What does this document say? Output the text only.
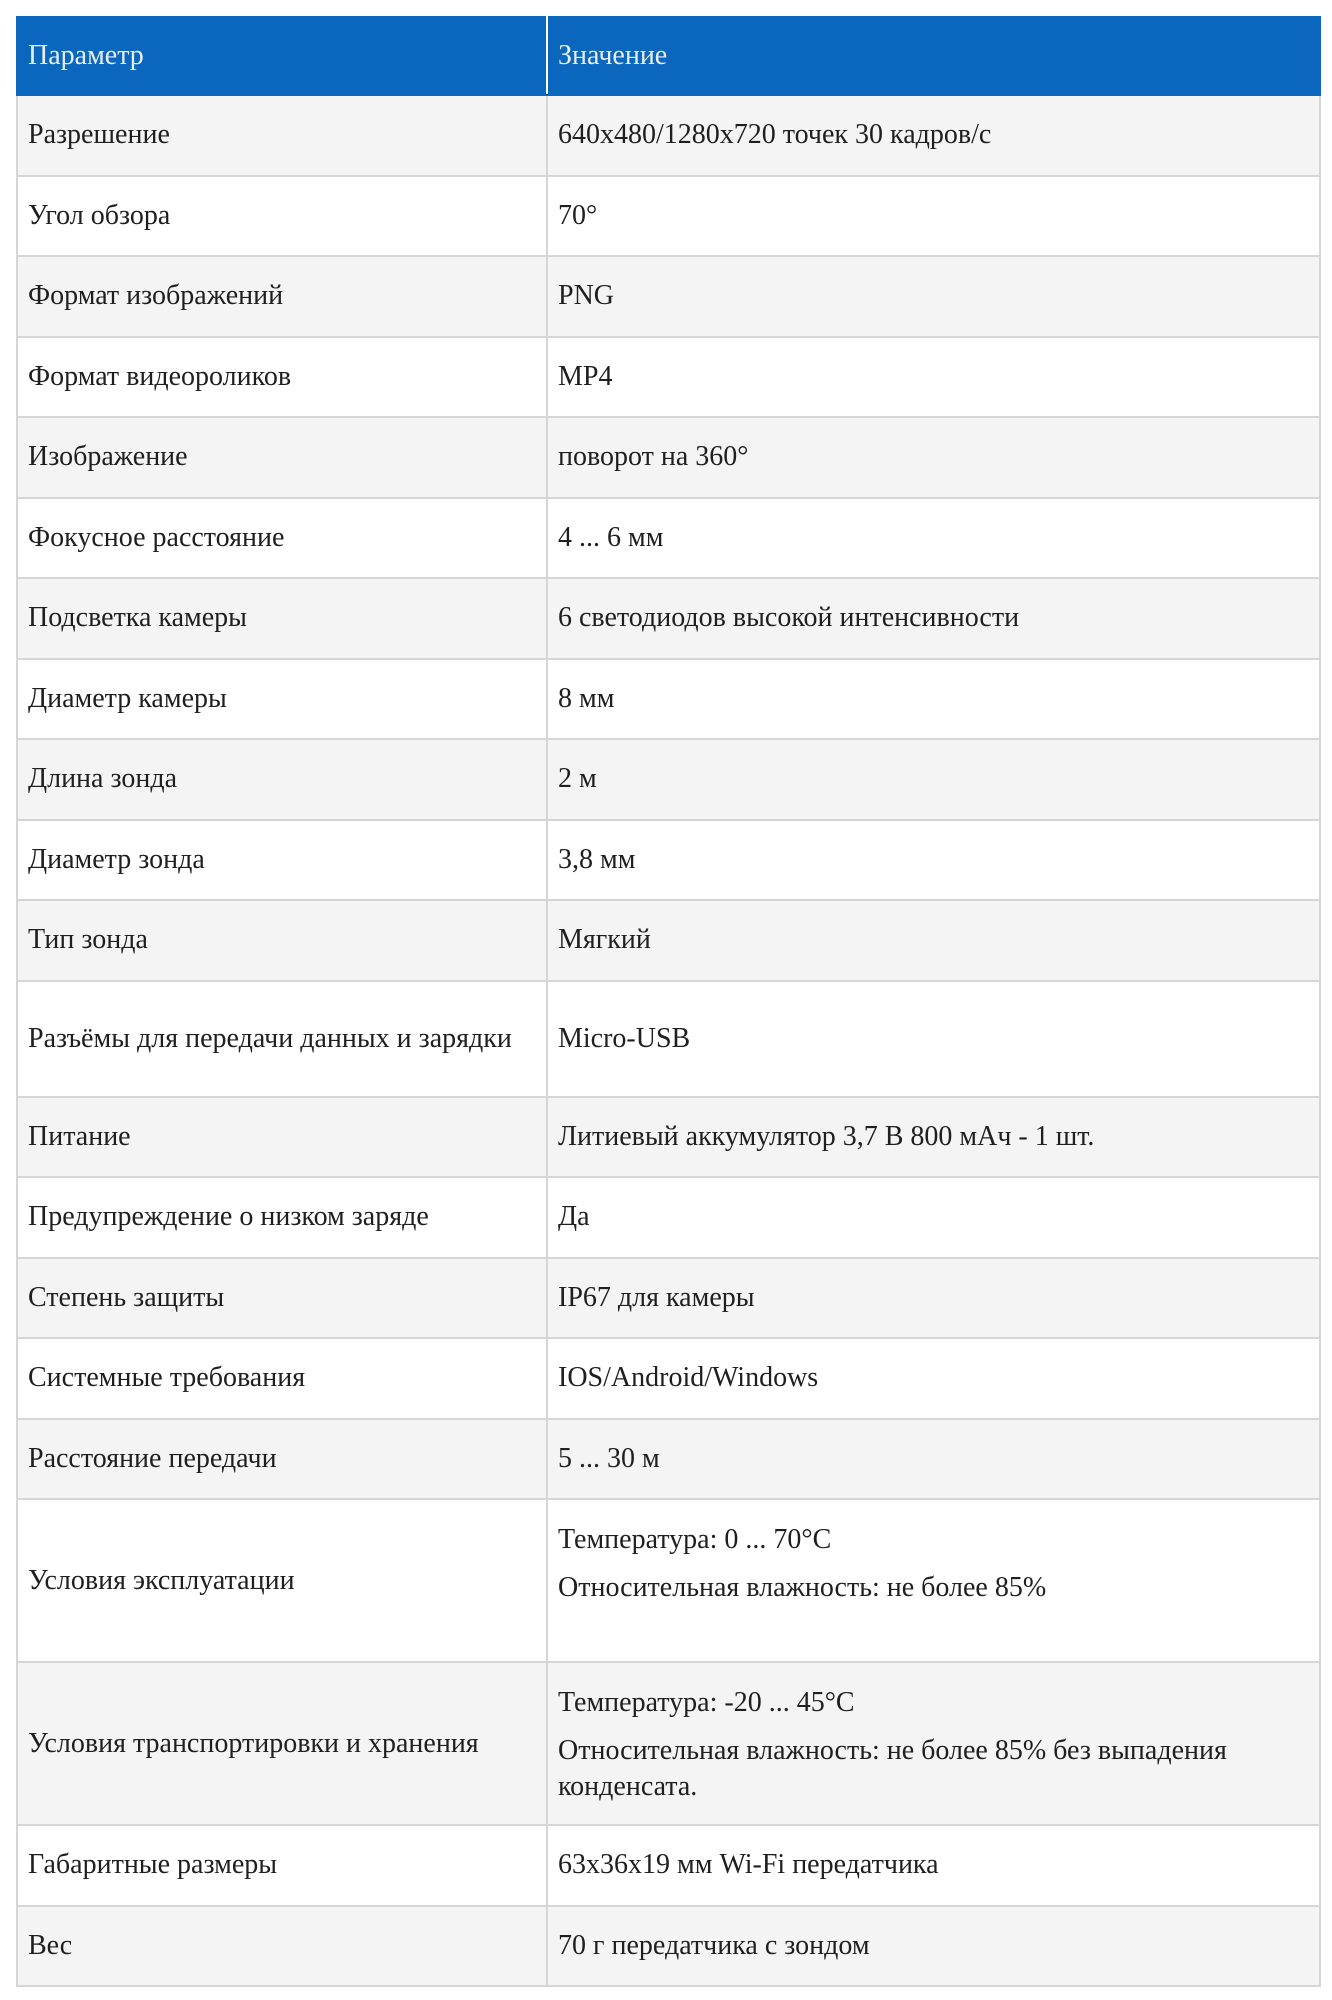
Параметр	Значение
Разрешение	640x480/1280x720 точек 30 кадров/с
Угол обзора	70°
Формат изображений	PNG
Формат видеороликов	MP4
Изображение	поворот на 360°
Фокусное расстояние	4 ... 6 мм
Подсветка камеры	6 светодиодов высокой интенсивности
Диаметр камеры	8 мм
Длина зонда	2 м
Диаметр зонда	3,8 мм
Тип зонда	Мягкий
Разъёмы для передачи данных и зарядки	Micro-USB
Питание	Литиевый аккумулятор 3,7 В 800 мАч - 1 шт.
Предупреждение о низком заряде	Да
Степень защиты	IP67 для камеры
Системные требования	IOS/Android/Windows
Расстояние передачи	5 ... 30 м
Условия эксплуатации	Температура: 0 ... 70°С
Относительная влажность: не более 85%

Условия транспортировки и хранения	Температура: -20 ... 45°С
Относительная влажность: не более 85% без выпадения конденсата.

Габаритные размеры	63x36x19 мм Wi-Fi передатчика
Вес	70 г передатчика с зондом
